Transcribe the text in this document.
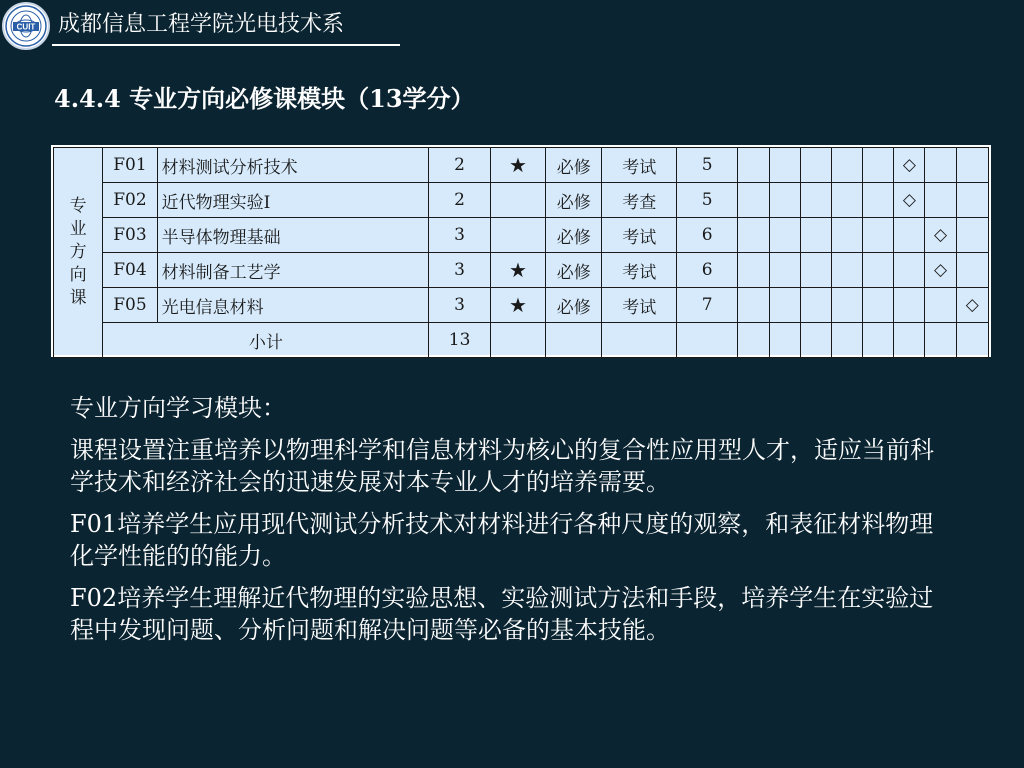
CUIT 成都信息工程学院光电技术系
4.4.4 专业方向必修课模块（13学分）
专
业
方
向
课	F01	材料测试分析技术	2	★	必修	考试	5						◇		
	F02	近代物理实验Ⅰ	2		必修	考查	5						◇		
	F03	半导体物理基础	3		必修	考试	6							◇	
	F04	材料制备工艺学	3	★	必修	考试	6							◇	
	F05	光电信息材料	3	★	必修	考试	7								◇
	小计		13												

专业方向学习模块：

课程设置注重培养以物理科学和信息材料为核心的复合性应用型人才，适应当前科学技术和经济社会的迅速发展对本专业人才的培养需要。

F01培养学生应用现代测试分析技术对材料进行各种尺度的观察，和表征材料物理化学性能的的能力。

F02培养学生理解近代物理的实验思想、实验测试方法和手段，培养学生在实验过程中发现问题、分析问题和解决问题等必备的基本技能。
